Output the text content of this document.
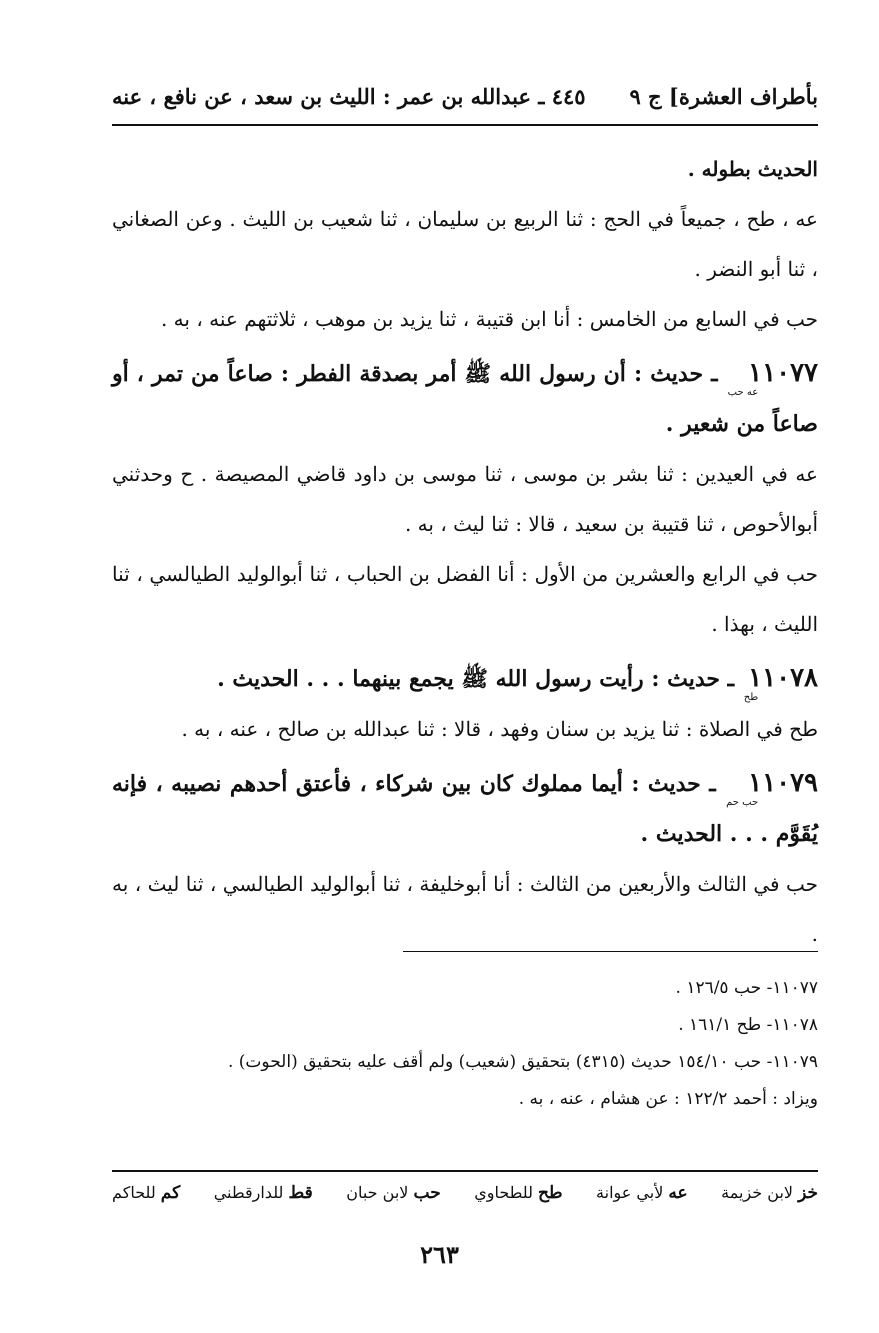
بأطراف العشرة] ج ٩
٤٤٥ ـ عبدالله بن عمر : الليث بن سعد ، عن نافع ، عنه

الحديث بطوله .

عه ، طح ، جميعاً في الحج : ثنا الربيع بن سليمان ، ثنا شعيب بن الليث . وعن الصغاني ، ثنا أبو النضر .

حب في السابع من الخامس : أنا ابن قتيبة ، ثنا يزيد بن موهب ، ثلاثتهم عنه ، به .

١١٠٧٧عه حب ـ حديث : أن رسول الله ﷺ أمر بصدقة الفطر : صاعاً من تمر ، أو صاعاً من شعير .

عه في العيدين : ثنا بشر بن موسى ، ثنا موسى بن داود قاضي المصيصة . ح وحدثني أبوالأحوص ، ثنا قتيبة بن سعيد ، قالا : ثنا ليث ، به .

حب في الرابع والعشرين من الأول : أنا الفضل بن الحباب ، ثنا أبوالوليد الطيالسي ، ثنا الليث ، بهذا .

١١٠٧٨طح ـ حديث : رأيت رسول الله ﷺ يجمع بينهما . . . الحديث .

طح في الصلاة : ثنا يزيد بن سنان وفهد ، قالا : ثنا عبدالله بن صالح ، عنه ، به .

١١٠٧٩حب حم ـ حديث : أيما مملوك كان بين شركاء ، فأعتق أحدهم نصيبه ، فإنه يُقَوَّم . . . الحديث .

حب في الثالث والأربعين من الثالث : أنا أبوخليفة ، ثنا أبوالوليد الطيالسي ، ثنا ليث ، به .

١١٠٧٧- حب ١٢٦/٥ .

١١٠٧٨- طح ١٦١/١ .

١١٠٧٩- حب ١٥٤/١٠ حديث (٤٣١٥) بتحقيق (شعيب) ولم أقف عليه بتحقيق (الحوت) .

ويزاد : أحمد ١٢٢/٢ : عن هشام ، عنه ، به .

خز لابن خزيمة
عه لأبي عوانة
طح للطحاوي
حب لابن حبان
قط للدارقطني
كم للحاكم
٢٦٣
